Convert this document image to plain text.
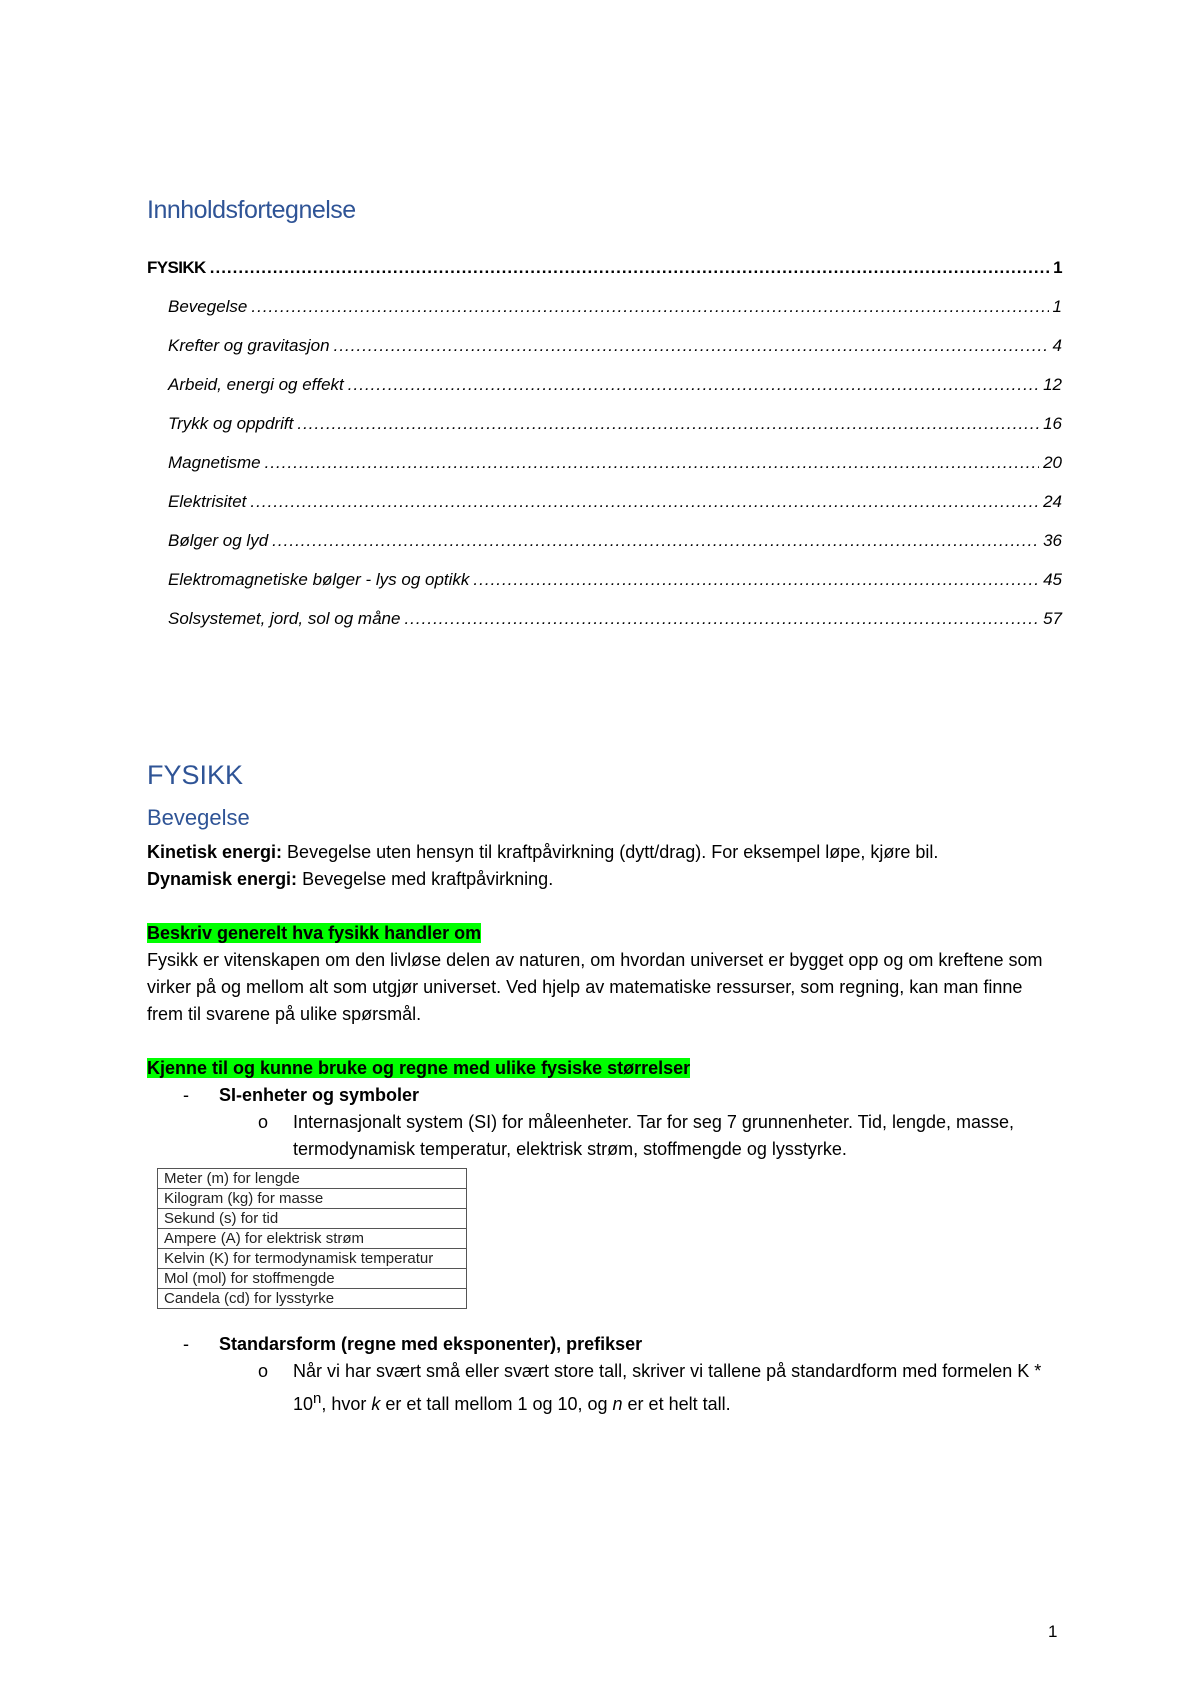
Innholdsfortegnelse
FYSIKK .....	1
Bevegelse .....	1
Krefter og gravitasjon .....	4
Arbeid, energi og effekt .....	12
Trykk og oppdrift .....	16
Magnetisme .....	20
Elektrisitet .....	24
Bølger og lyd .....	36
Elektromagnetiske bølger - lys og optikk .....	45
Solsystemet, jord, sol og måne .....	57
FYSIKK
Bevegelse
Kinetisk energi: Bevegelse uten hensyn til kraftpåvirkning (dytt/drag). For eksempel løpe, kjøre bil.
Dynamisk energi: Bevegelse med kraftpåvirkning.
Beskriv generelt hva fysikk handler om
Fysikk er vitenskapen om den livløse delen av naturen, om hvordan universet er bygget opp og om kreftene som virker på og mellom alt som utgjør universet. Ved hjelp av matematiske ressurser, som regning, kan man finne frem til svarene på ulike spørsmål.
Kjenne til og kunne bruke og regne med ulike fysiske størrelser
- SI-enheter og symboler
o Internasjonalt system (SI) for måleenheter. Tar for seg 7 grunnenheter. Tid, lengde, masse, termodynamisk temperatur, elektrisk strøm, stoffmengde og lysstyrke.
Meter (m) for lengde
Kilogram (kg) for masse
Sekund (s) for tid
Ampere (A) for elektrisk strøm
Kelvin (K) for termodynamisk temperatur
Mol (mol) for stoffmengde
Candela (cd) for lysstyrke
- Standarsform (regne med eksponenter), prefikser
o Når vi har svært små eller svært store tall, skriver vi tallene på standardform med formelen K * 10$^n$, hvor k er et tall mellom 1 og 10, og n er et helt tall.
1
